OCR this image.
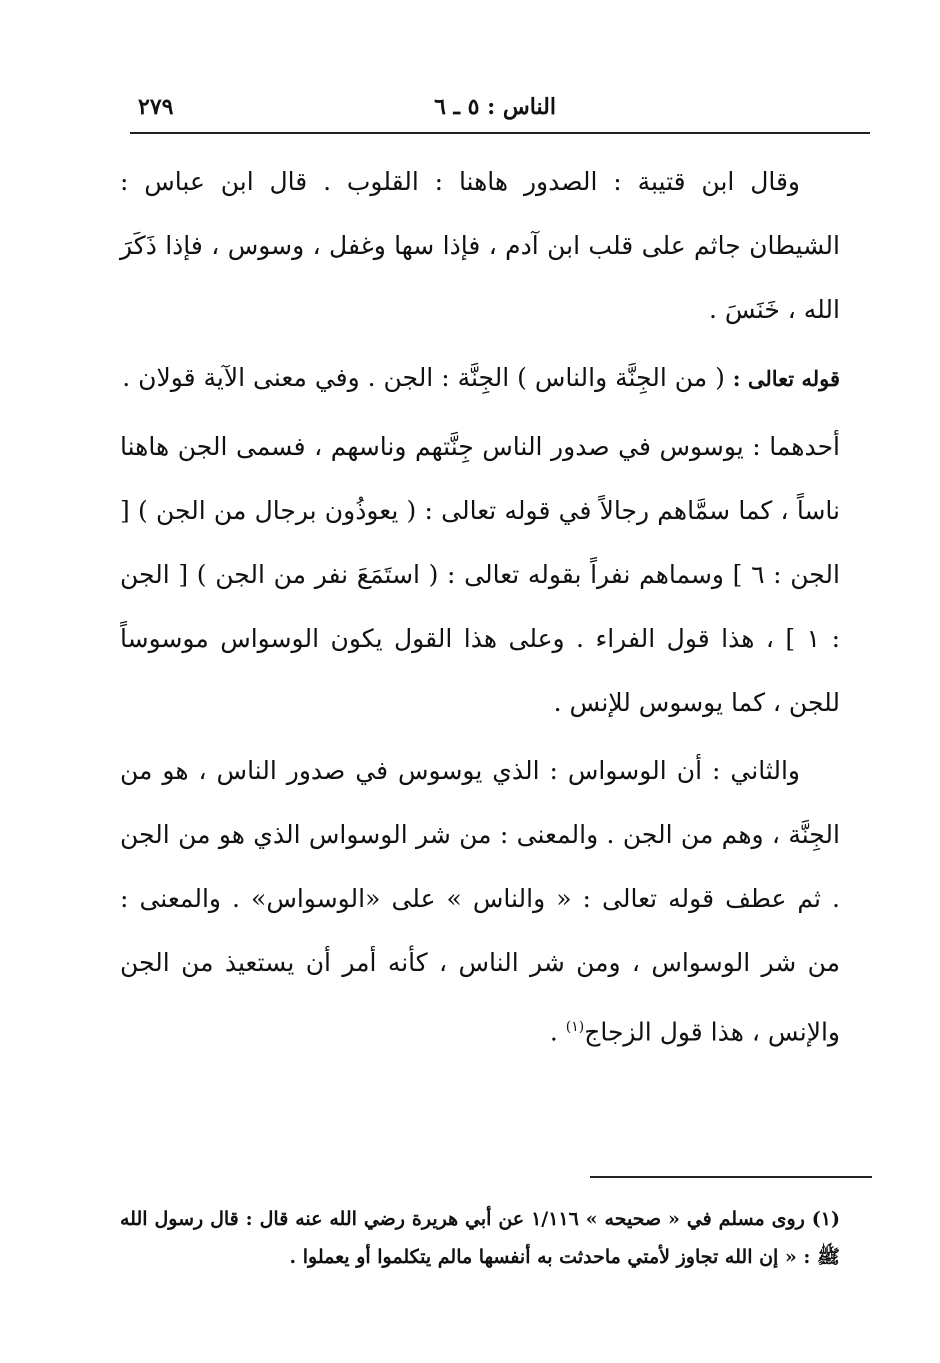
٢٧٩	الناس : ٥ ـ ٦

وقال ابن قتيبة : الصدور هاهنا : القلوب . قال ابن عباس : الشيطان جاثم على قلب ابن آدم ، فإذا سها وغفل ، وسوس ، فإذا ذَكَرَ الله ، خَنَسَ .

قوله تعالى : ( من الجِنَّة والناس ) الجِنَّة : الجن . وفي معنى الآية قولان .

أحدهما : يوسوس في صدور الناس جِنَّتهم وناسهم ، فسمى الجن هاهنا ناساً ، كما سمَّاهم رجالاً في قوله تعالى : ( يعوذُون برجال من الجن ) [ الجن : ٦ ] وسماهم نفراً بقوله تعالى : ( استَمَعَ نفر من الجن ) [ الجن : ١ ] ، هذا قول الفراء . وعلى هذا القول يكون الوسواس موسوساً للجن ، كما يوسوس للإنس .

والثاني : أن الوسواس : الذي يوسوس في صدور الناس ، هو من الجِنَّة ، وهم من الجن . والمعنى : من شر الوسواس الذي هو من الجن . ثم عطف قوله تعالى : « والناس » على «الوسواس» . والمعنى : من شر الوسواس ، ومن شر الناس ، كأنه أمر أن يستعيذ من الجن والإنس ، هذا قول الزجاج$^{(١)}$ .

(١) روى مسلم في « صحيحه » ١/١١٦ عن أبي هريرة رضي الله عنه قال : قال رسول الله ﷺ : « إن الله تجاوز لأمتي ماحدثت به أنفسها مالم يتكلموا أو يعملوا .
